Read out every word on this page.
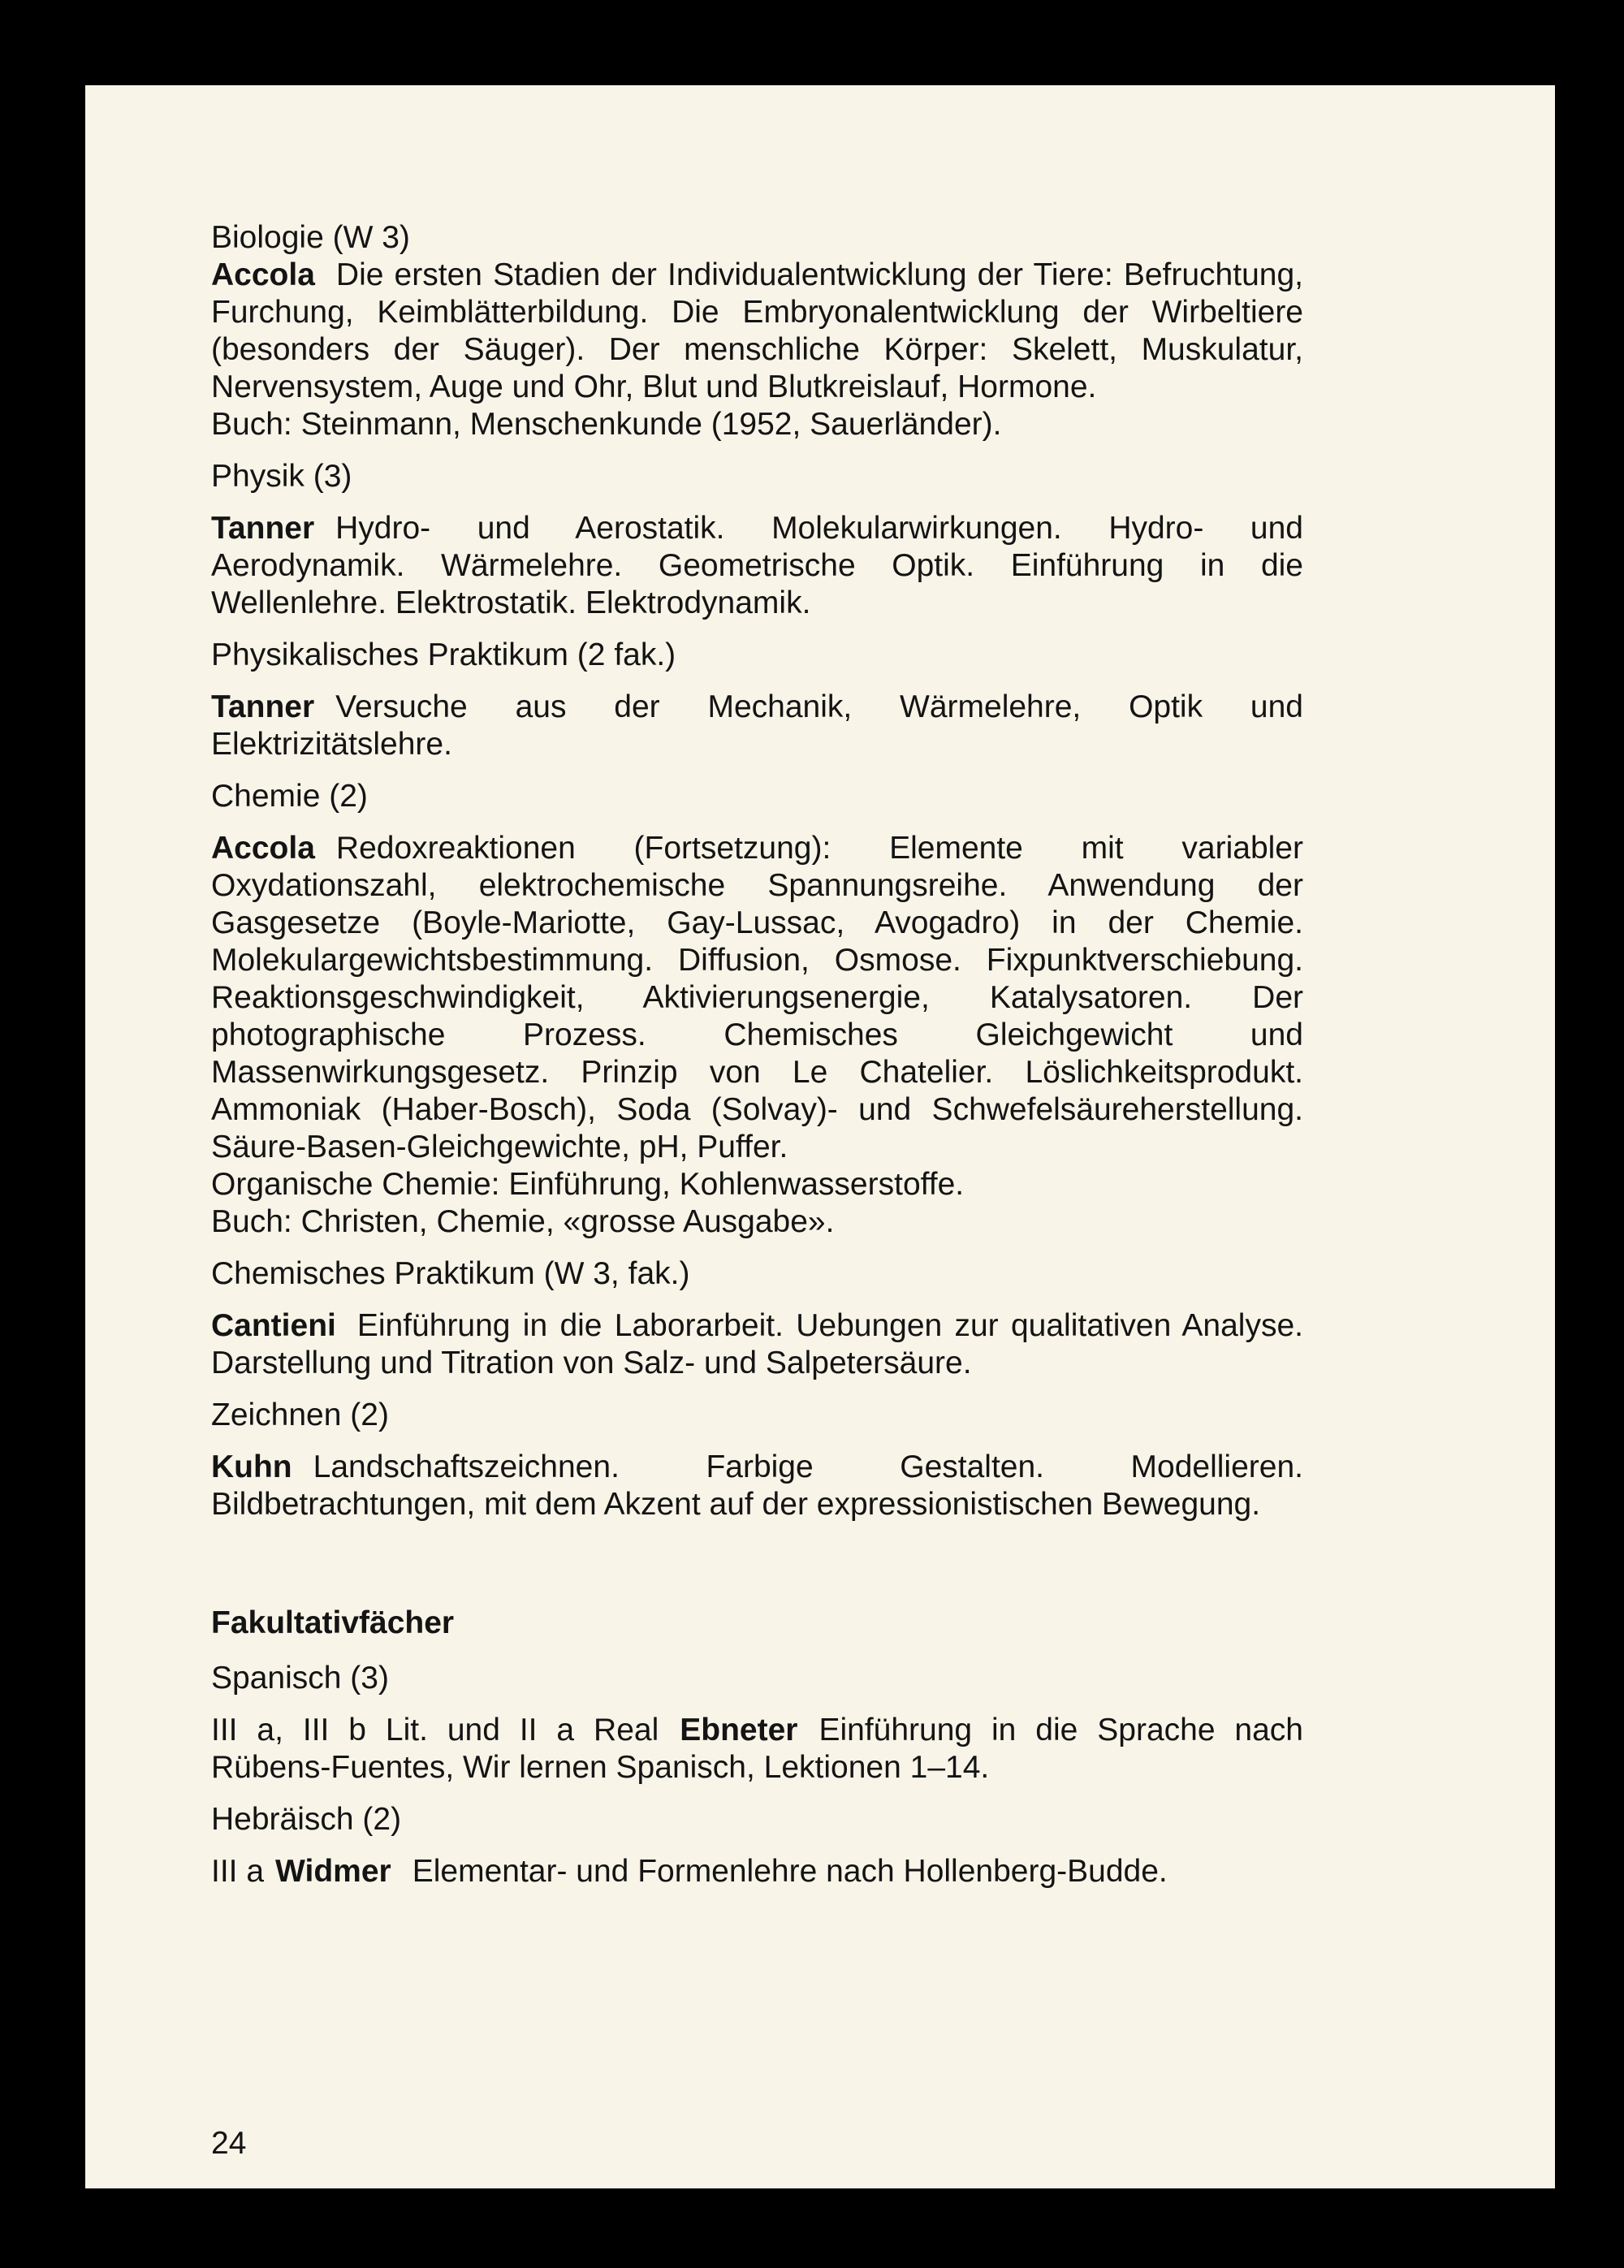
Biologie (W 3)

Accola Die ersten Stadien der Individualentwicklung der Tiere: Befruchtung, Furchung, Keimblätterbildung. Die Embryonalentwicklung der Wirbeltiere (besonders der Säuger). Der menschliche Körper: Skelett, Muskulatur, Nervensystem, Auge und Ohr, Blut und Blutkreislauf, Hormone.

Buch: Steinmann, Menschenkunde (1952, Sauerländer).

Physik (3)

Tanner Hydro- und Aerostatik. Molekularwirkungen. Hydro- und Aerodynamik. Wärmelehre. Geometrische Optik. Einführung in die Wellenlehre. Elektrostatik. Elektrodynamik.

Physikalisches Praktikum (2 fak.)

Tanner Versuche aus der Mechanik, Wärmelehre, Optik und Elektrizitätslehre.

Chemie (2)

Accola Redoxreaktionen (Fortsetzung): Elemente mit variabler Oxydationszahl, elektrochemische Spannungsreihe. Anwendung der Gasgesetze (Boyle-Mariotte, Gay-Lussac, Avogadro) in der Chemie. Molekulargewichtsbestimmung. Diffusion, Osmose. Fixpunktverschiebung. Reaktionsgeschwindigkeit, Aktivierungsenergie, Katalysatoren. Der photographische Prozess. Chemisches Gleichgewicht und Massenwirkungsgesetz. Prinzip von Le Chatelier. Löslichkeitsprodukt. Ammoniak (Haber-Bosch), Soda (Solvay)- und Schwefelsäureherstellung. Säure-Basen-Gleichgewichte, pH, Puffer.

Organische Chemie: Einführung, Kohlenwasserstoffe.

Buch: Christen, Chemie, «grosse Ausgabe».

Chemisches Praktikum (W 3, fak.)

Cantieni Einführung in die Laborarbeit. Uebungen zur qualitativen Analyse. Darstellung und Titration von Salz- und Salpetersäure.

Zeichnen (2)

Kuhn Landschaftszeichnen. Farbige Gestalten. Modellieren. Bildbetrachtungen, mit dem Akzent auf der expressionistischen Bewegung.

Fakultativfächer

Spanisch (3)

III a, III b Lit. und II a Real Ebneter Einführung in die Sprache nach Rübens-Fuentes, Wir lernen Spanisch, Lektionen 1–14.

Hebräisch (2)

III a Widmer Elementar- und Formenlehre nach Hollenberg-Budde.

24
